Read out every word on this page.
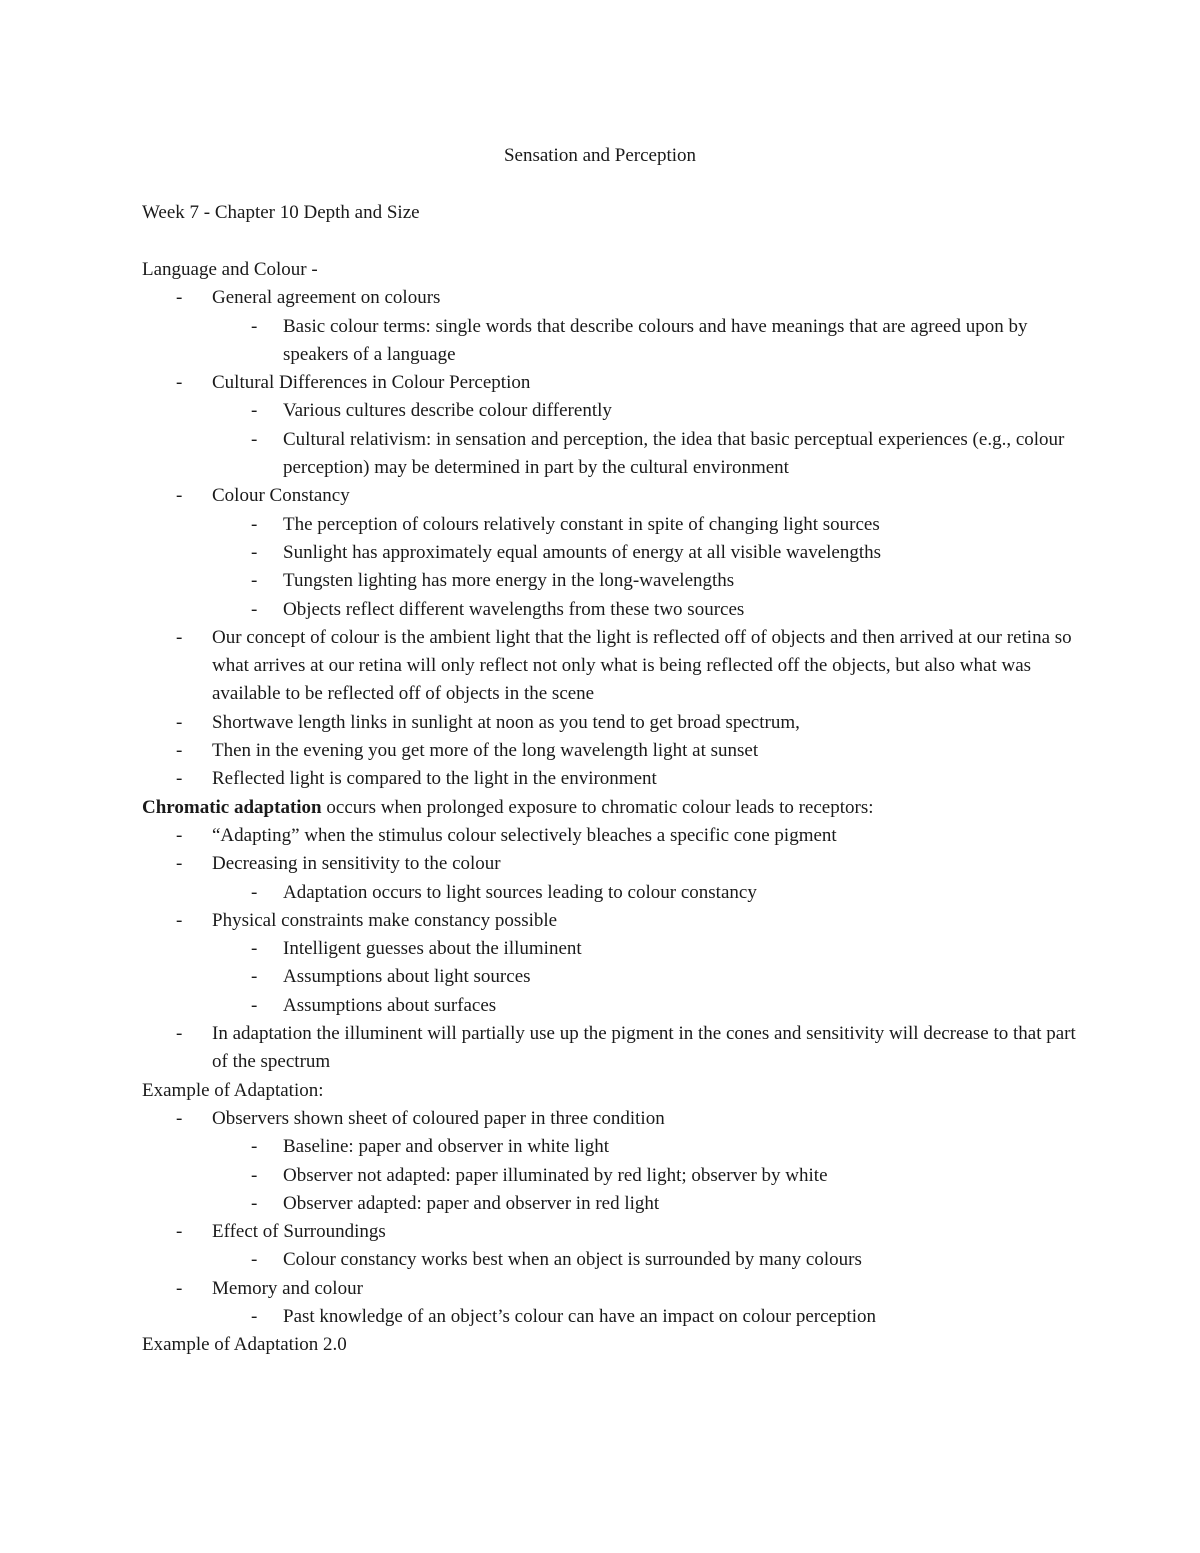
Sensation and Perception
Week 7 - Chapter 10 Depth and Size
Language and Colour -
- General agreement on colours
- Basic colour terms: single words that describe colours and have meanings that are agreed upon by speakers of a language
- Cultural Differences in Colour Perception
- Various cultures describe colour differently
- Cultural relativism: in sensation and perception, the idea that basic perceptual experiences (e.g., colour perception) may be determined in part by the cultural environment
- Colour Constancy
- The perception of colours relatively constant in spite of changing light sources
- Sunlight has approximately equal amounts of energy at all visible wavelengths
- Tungsten lighting has more energy in the long-wavelengths
- Objects reflect different wavelengths from these two sources
- Our concept of colour is the ambient light that the light is reflected off of objects and then arrived at our retina so what arrives at our retina will only reflect not only what is being reflected off the objects, but also what was available to be reflected off of objects in the scene
- Shortwave length links in sunlight at noon as you tend to get broad spectrum,
- Then in the evening you get more of the long wavelength light at sunset
- Reflected light is compared to the light in the environment
Chromatic adaptation occurs when prolonged exposure to chromatic colour leads to receptors:
- “Adapting” when the stimulus colour selectively bleaches a specific cone pigment
- Decreasing in sensitivity to the colour
- Adaptation occurs to light sources leading to colour constancy
- Physical constraints make constancy possible
- Intelligent guesses about the illuminent
- Assumptions about light sources
- Assumptions about surfaces
- In adaptation the illuminent will partially use up the pigment in the cones and sensitivity will decrease to that part of the spectrum
Example of Adaptation:
- Observers shown sheet of coloured paper in three condition
- Baseline: paper and observer in white light
- Observer not adapted: paper illuminated by red light; observer by white
- Observer adapted: paper and observer in red light
- Effect of Surroundings
- Colour constancy works best when an object is surrounded by many colours
- Memory and colour
- Past knowledge of an object’s colour can have an impact on colour perception
Example of Adaptation 2.0
